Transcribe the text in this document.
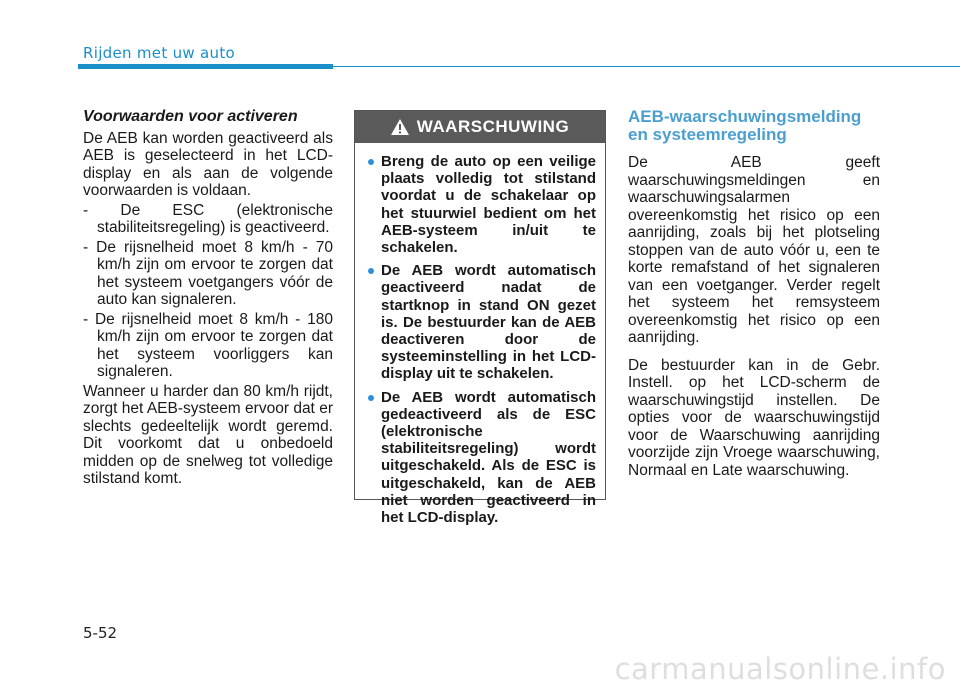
Rijden met uw auto
Voorwaarden voor activeren

De AEB kan worden geactiveerd als AEB is geselecteerd in het LCD-display en als aan de volgende voorwaarden is voldaan.

- De ESC (elektronische stabiliteitsregeling) is geactiveerd.
- De rijsnelheid moet 8 km/h - 70 km/h zijn om ervoor te zorgen dat het systeem voetgangers vóór de auto kan signaleren.
- De rijsnelheid moet 8 km/h - 180 km/h zijn om ervoor te zorgen dat het systeem voorliggers kan signaleren.

Wanneer u harder dan 80 km/h rijdt, zorgt het AEB-systeem ervoor dat er slechts gedeeltelijk wordt geremd. Dit voorkomt dat u onbedoeld midden op de snelweg tot volledige stilstand komt.

WAARSCHUWING
Breng de auto op een veilige plaats volledig tot stilstand voordat u de schakelaar op het stuurwiel bedient om het AEB-systeem in/uit te schakelen.
De AEB wordt automatisch geactiveerd nadat de startknop in stand ON gezet is. De bestuurder kan de AEB deactiveren door de systeeminstelling in het LCD-display uit te schakelen.
De AEB wordt automatisch gedeactiveerd als de ESC (elektronische stabiliteitsregeling) wordt uitgeschakeld. Als de ESC is uitgeschakeld, kan de AEB niet worden geactiveerd in het LCD-display.
AEB-waarschuwingsmelding en systeemregeling

De AEB geeft waarschuwingsmeldingen en waarschuwingsalarmen overeenkomstig het risico op een aanrijding, zoals bij het plotseling stoppen van de auto vóór u, een te korte remafstand of het signaleren van een voetganger. Verder regelt het systeem het remsysteem overeenkomstig het risico op een aanrijding.

De bestuurder kan in de Gebr. Instell. op het LCD-scherm de waarschuwingstijd instellen. De opties voor de waarschuwingstijd voor de Waarschuwing aanrijding voorzijde zijn Vroege waarschuwing, Normaal en Late waarschuwing.

5-52
carmanualsonline.info
